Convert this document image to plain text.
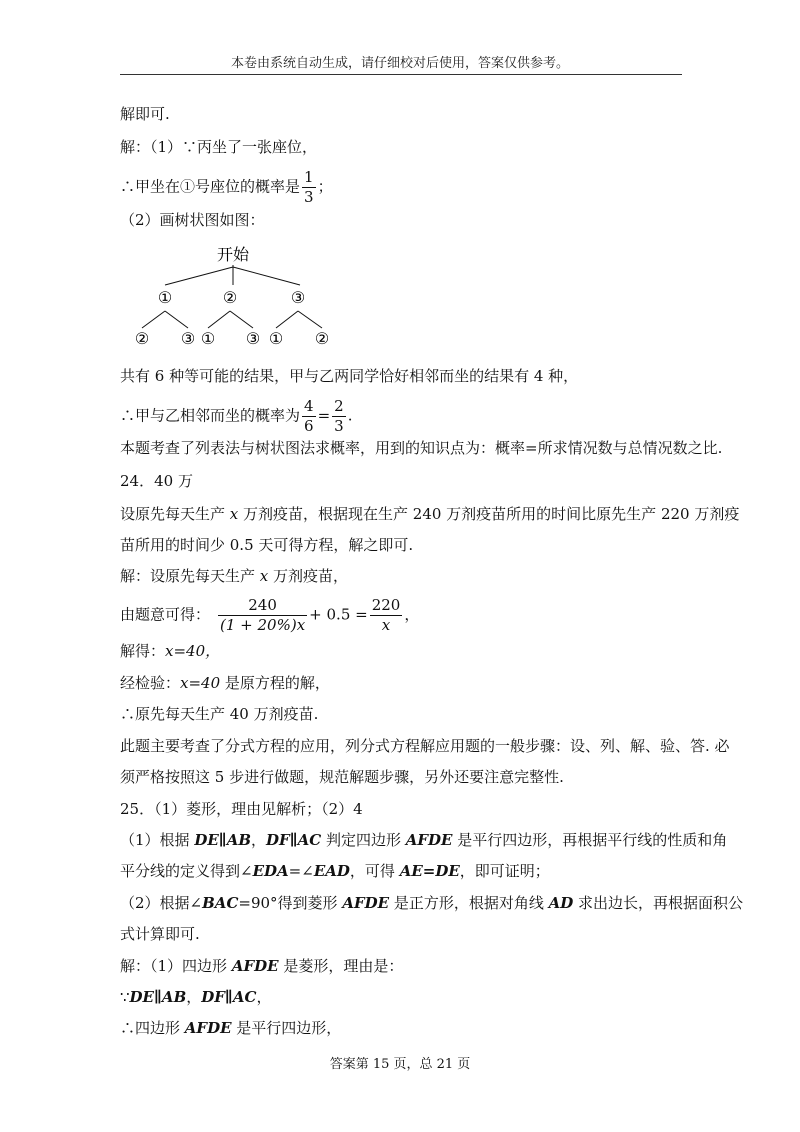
本卷由系统自动生成，请仔细校对后使用，答案仅供参考。
解即可.
解：（1）∵丙坐了一张座位，
∴甲坐在①号座位的概率是 $\frac{1}{3}$ ；
（2）画树状图如图：
开始
①	②	③
② ③ ① ③ ① ②
共有 6 种等可能的结果，甲与乙两同学恰好相邻而坐的结果有 4 种，
∴甲与乙相邻而坐的概率为 $\frac{4}{6} = \frac{2}{3}$ .
本题考查了列表法与树状图法求概率，用到的知识点为：概率=所求情况数与总情况数之比.
24．40 万
设原先每天生产 x 万剂疫苗，根据现在生产 240 万剂疫苗所用的时间比原先生产 220 万剂疫
苗所用的时间少 0.5 天可得方程，解之即可.
解：设原先每天生产 x 万剂疫苗，
由题意可得： $\frac{240}{(1 + 20\%)x} + 0.5 = \frac{220}{x}$ ，
解得：x=40，
经检验：x=40 是原方程的解，
∴原先每天生产 40 万剂疫苗.
此题主要考查了分式方程的应用，列分式方程解应用题的一般步骤：设、列、解、验、答. 必
须严格按照这 5 步进行做题，规范解题步骤，另外还要注意完整性.
25．（1）菱形，理由见解析；（2）4
（1）根据 DE∥AB，DF∥AC 判定四边形 AFDE 是平行四边形，再根据平行线的性质和角
平分线的定义得到∠EDA=∠EAD，可得 AE=DE，即可证明；
（2）根据∠BAC=90°得到菱形 AFDE 是正方形，根据对角线 AD 求出边长，再根据面积公
式计算即可.
解：（1）四边形 AFDE 是菱形，理由是：
∵DE∥AB，DF∥AC，
∴四边形 AFDE 是平行四边形，
答案第 15 页，总 21 页
